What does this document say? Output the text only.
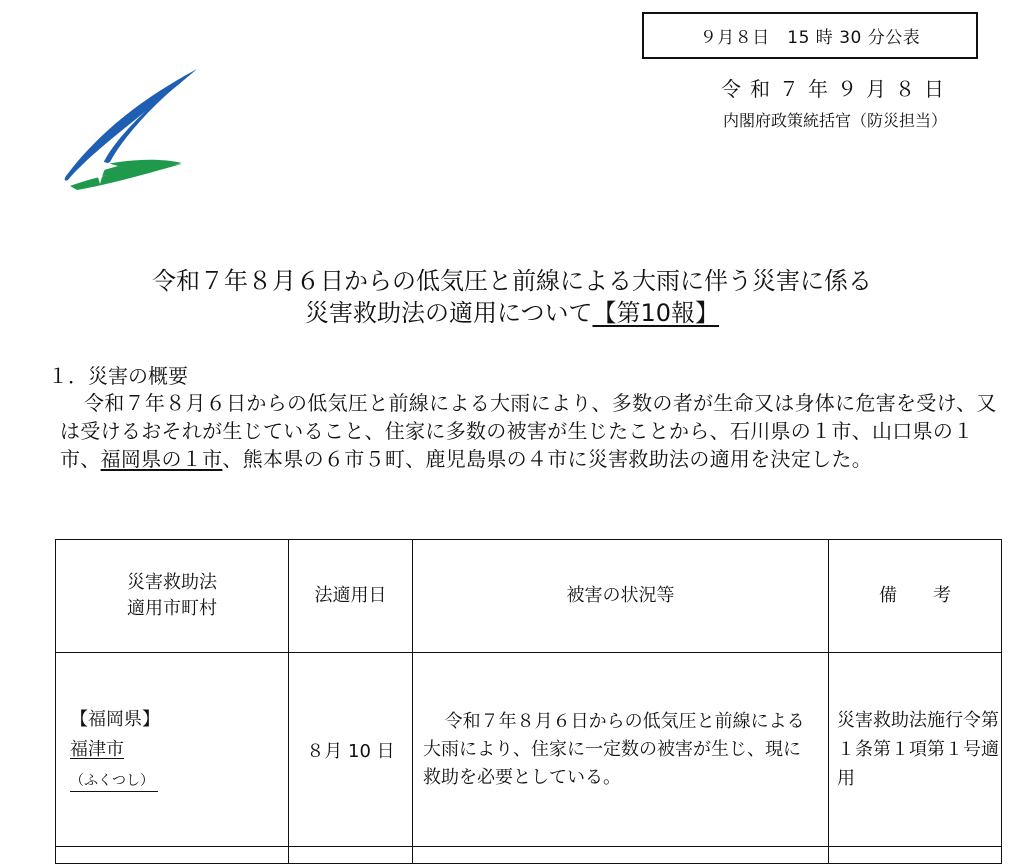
９月８日　15 時 30 分公表
令和７年９月８日
内閣府政策統括官（防災担当）
令和７年８月６日からの低気圧と前線による大雨に伴う災害に係る
災害救助法の適用について【第10報】
１．災害の概要
令和７年８月６日からの低気圧と前線による大雨により、多数の者が生命又は身体に危害を受け、又は受けるおそれが生じていること、住家に多数の被害が生じたことから、石川県の１市、山口県の１市、福岡県の１市、熊本県の６市５町、鹿児島県の４市に災害救助法の適用を決定した。
災害救助法
適用市町村	法適用日	被害の状況等	備　　考

【福岡県】
福津市
（ふくつし）	８月 10 日	令和７年８月６日からの低気圧と前線による大雨により、住家に一定数の被害が生じ、現に救助を必要としている。	災害救助法施行令第１条第１項第１号適用
